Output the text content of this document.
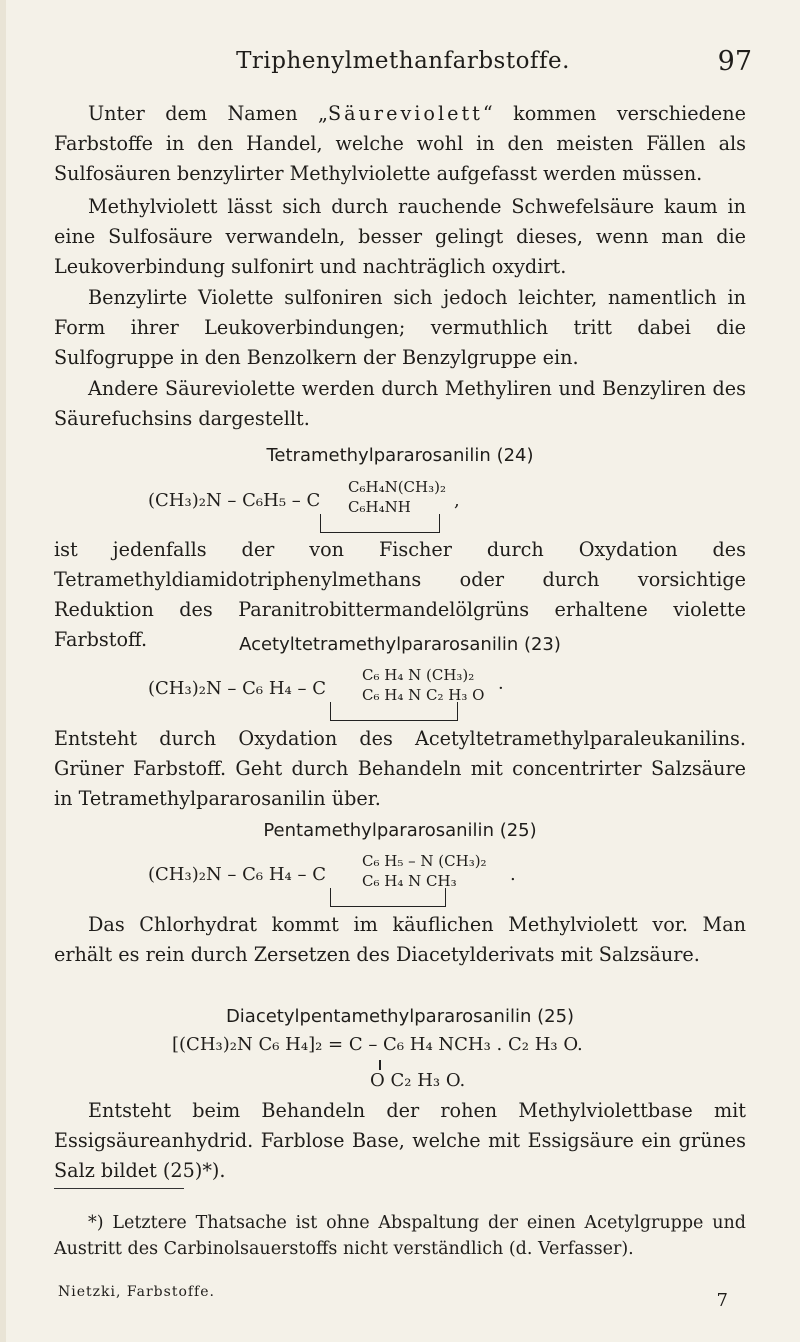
Triphenylmethanfarbstoffe.	97
Unter dem Namen „Säureviolett“ kommen verschiedene Farbstoffe in den Handel, welche wohl in den meisten Fällen als Sulfosäuren benzylirter Methylviolette aufgefasst werden müssen.
Methylviolett lässt sich durch rauchende Schwefelsäure kaum in eine Sulfosäure verwandeln, besser gelingt dieses, wenn man die Leukoverbindung sulfonirt und nachträglich oxydirt.
Benzylirte Violette sulfoniren sich jedoch leichter, namentlich in Form ihrer Leukoverbindungen; vermuthlich tritt dabei die Sulfogruppe in den Benzolkern der Benzylgruppe ein.
Andere Säureviolette werden durch Methyliren und Benzyliren des Säurefuchsins dargestellt.
Tetramethylpararosanilin (24)
(CH₃)₂N – C₆H₅ – C
C₆H₄N(CH₃)₂
C₆H₄NH ,
ist jedenfalls der von Fischer durch Oxydation des Tetramethyldiamidotriphenylmethans oder durch vorsichtige Reduktion des Paranitrobittermandelölgrüns erhaltene violette Farbstoff.	Acetyltetramethylpararosanilin (23)
(CH₃)₂N – C₆ H₄ – C
C₆ H₄ N (CH₃)₂
C₆ H₄ N C₂ H₃ O ·
Entsteht durch Oxydation des Acetyltetramethylparaleukanilins. Grüner Farbstoff. Geht durch Behandeln mit concentrirter Salzsäure in Tetramethylpararosanilin über.
Pentamethylpararosanilin (25)
(CH₃)₂N – C₆ H₄ – C
C₆ H₅ – N (CH₃)₂
C₆ H₄ N CH₃	.
Das Chlorhydrat kommt im käuflichen Methylviolett vor. Man erhält es rein durch Zersetzen des Diacetylderivats mit Salzsäure.
Diacetylpentamethylpararosanilin (25)
[(CH₃)₂N C₆ H₄]₂ = C – C₆ H₄ NCH₃ . C₂ H₃ O.
O C₂ H₃ O.
Entsteht beim Behandeln der rohen Methylviolettbase mit Essigsäureanhydrid. Farblose Base, welche mit Essigsäure ein grünes Salz bildet (25)*).
*) Letztere Thatsache ist ohne Abspaltung der einen Acetylgruppe und Austritt des Carbinolsauerstoffs nicht verständlich (d. Verfasser).
Nietzki, Farbstoffe.	7
